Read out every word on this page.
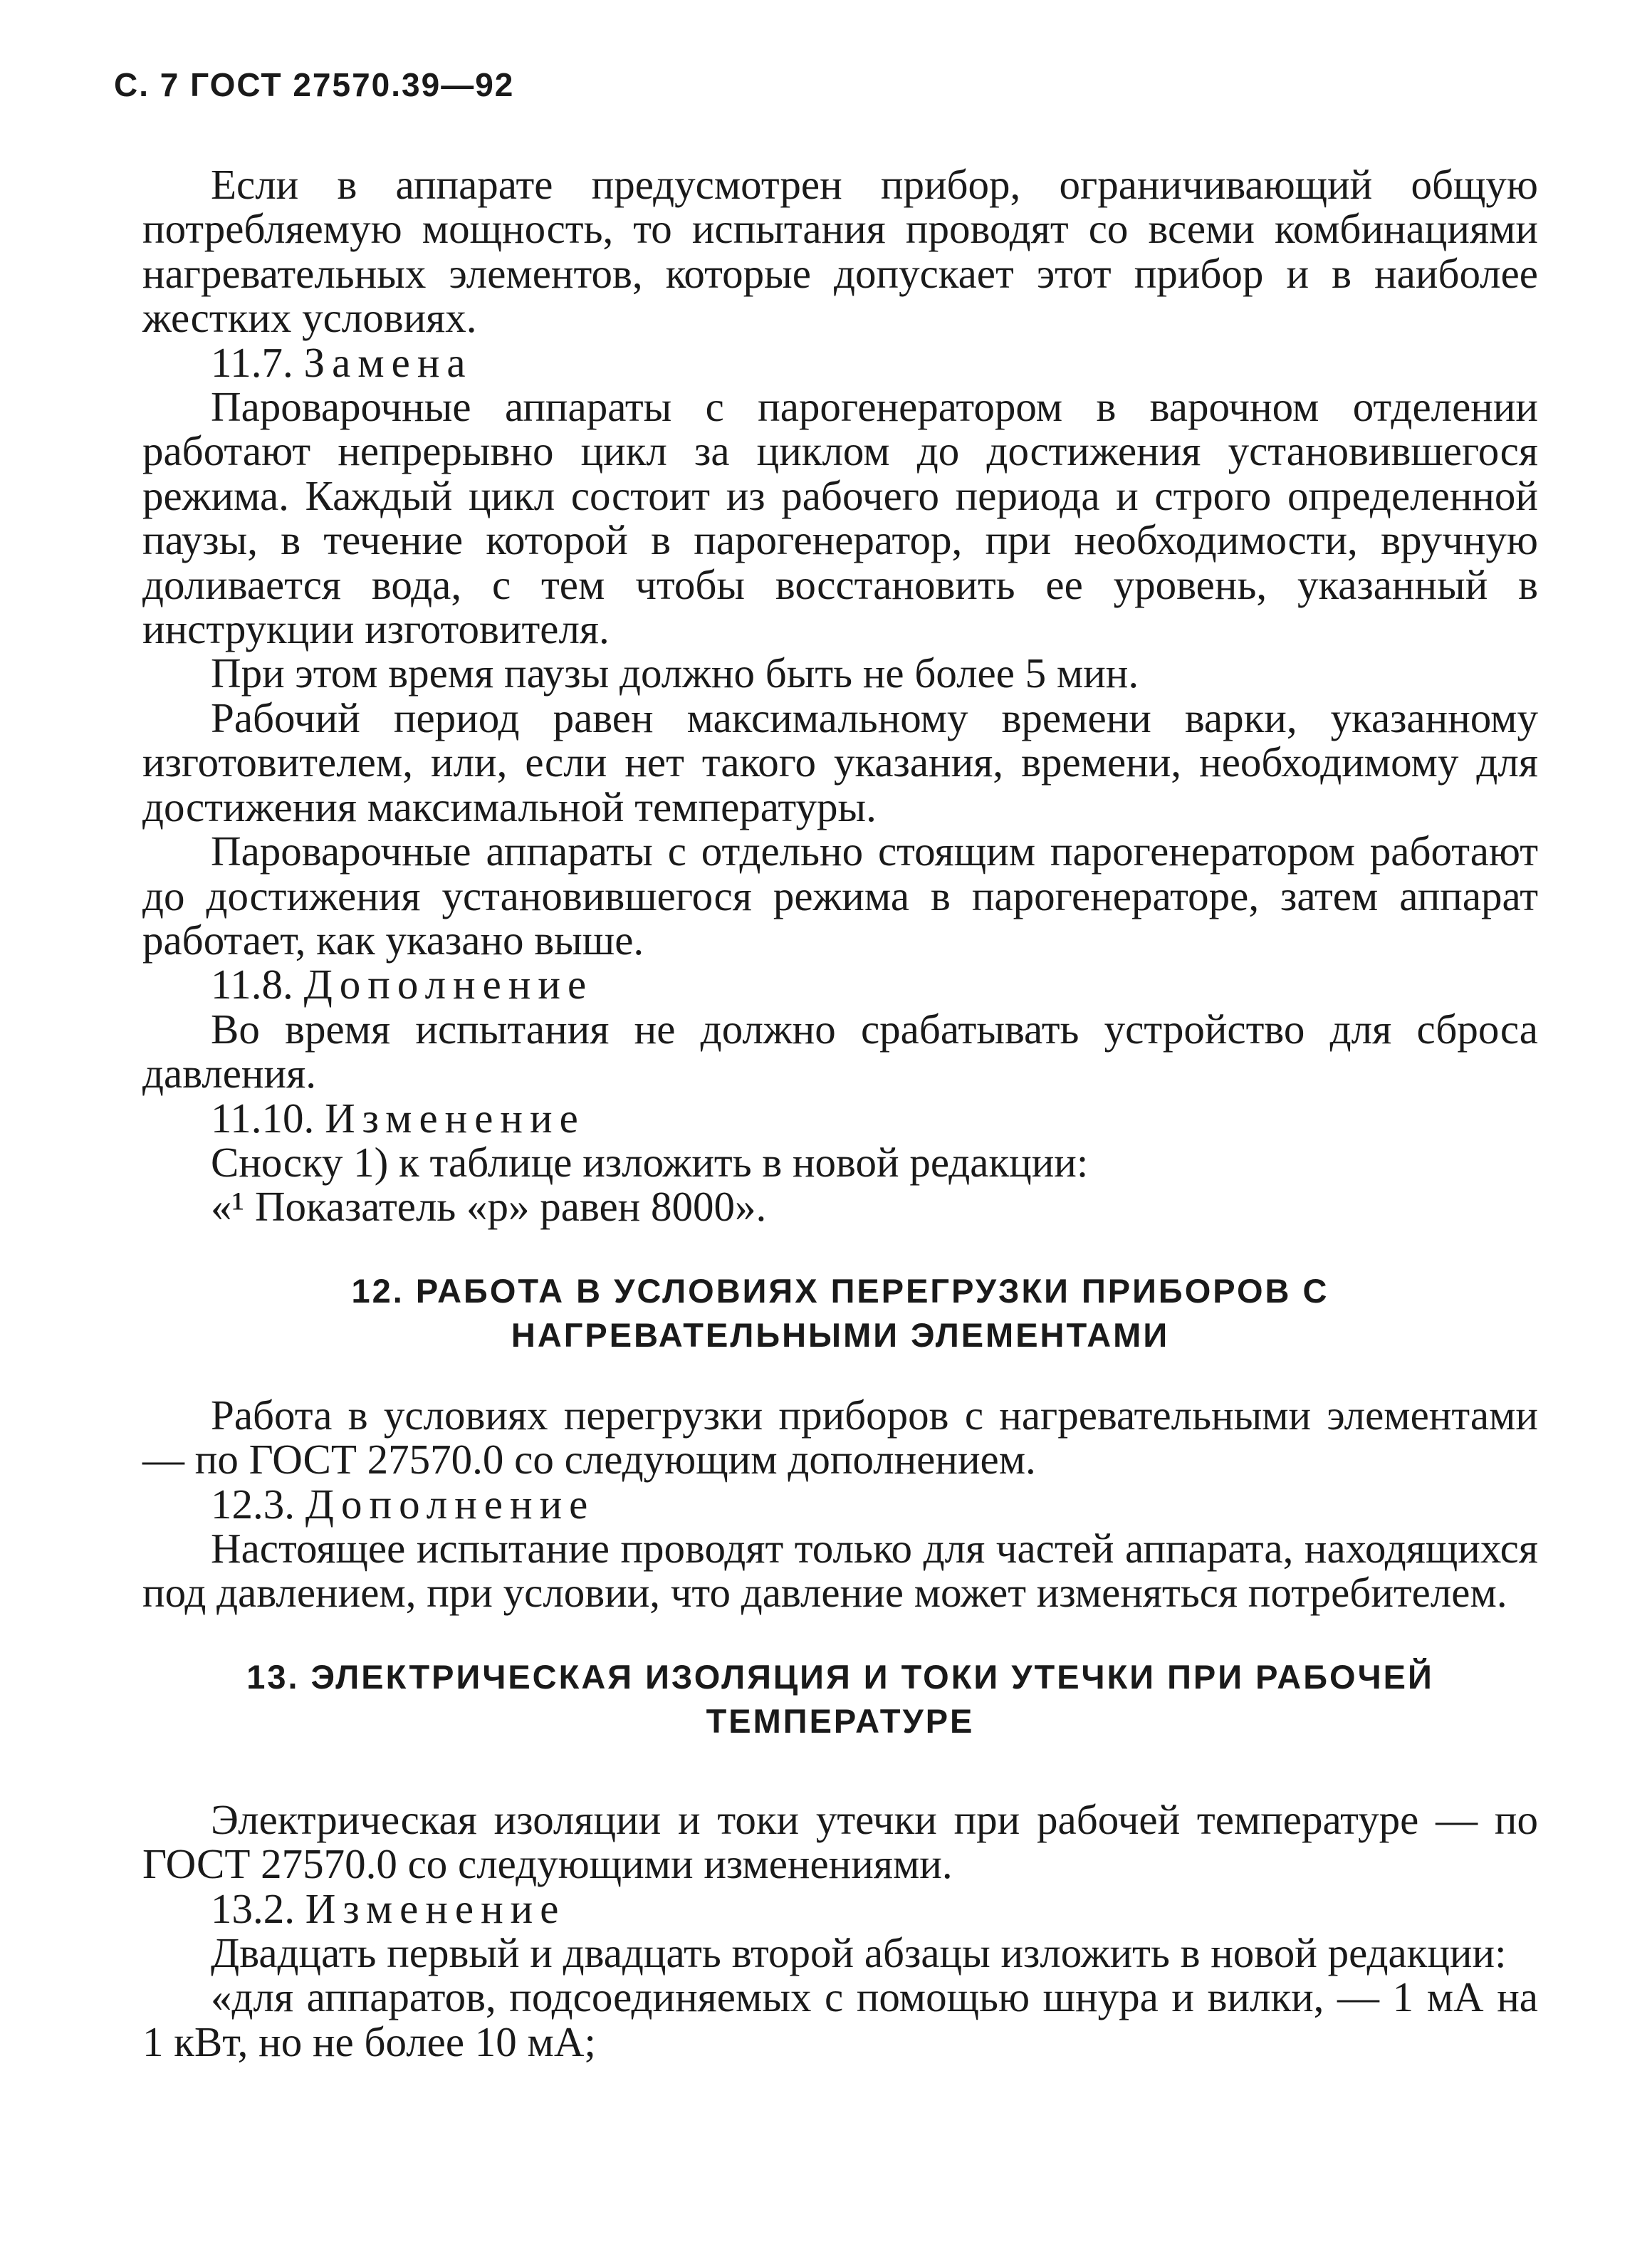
С. 7 ГОСТ 27570.39—92

Если в аппарате предусмотрен прибор, ограничивающий общую потребляемую мощность, то испытания проводят со всеми комбинациями нагревательных элементов, которые допускает этот прибор и в наиболее жестких условиях.

11.7. Замена

Пароварочные аппараты с парогенератором в варочном отделении работают непрерывно цикл за циклом до достижения установившегося режима. Каждый цикл состоит из рабочего периода и строго определенной паузы, в течение которой в парогенератор, при необходимости, вручную доливается вода, с тем чтобы восстановить ее уровень, указанный в инструкции изготовителя.

При этом время паузы должно быть не более 5 мин.

Рабочий период равен максимальному времени варки, указанному изготовителем, или, если нет такого указания, времени, необходимому для достижения максимальной температуры.

Пароварочные аппараты с отдельно стоящим парогенератором работают до достижения установившегося режима в парогенераторе, затем аппарат работает, как указано выше.

11.8. Дополнение

Во время испытания не должно срабатывать устройство для сброса давления.

11.10. Изменение

Сноску 1) к таблице изложить в новой редакции:

«¹ Показатель «р» равен 8000».

12. РАБОТА В УСЛОВИЯХ ПЕРЕГРУЗКИ ПРИБОРОВ С

НАГРЕВАТЕЛЬНЫМИ ЭЛЕМЕНТАМИ

Работа в условиях перегрузки приборов с нагревательными элементами — по ГОСТ 27570.0 со следующим дополнением.

12.3. Дополнение

Настоящее испытание проводят только для частей аппарата, находящихся под давлением, при условии, что давление может изменяться потребителем.

13. ЭЛЕКТРИЧЕСКАЯ ИЗОЛЯЦИЯ И ТОКИ УТЕЧКИ ПРИ РАБОЧЕЙ

ТЕМПЕРАТУРЕ

Электрическая изоляции и токи утечки при рабочей температуре — по ГОСТ 27570.0 со следующими изменениями.

13.2. Изменение

Двадцать первый и двадцать второй абзацы изложить в новой редакции:

«для аппаратов, подсоединяемых с помощью шнура и вилки, — 1 мА на 1 кВт, но не более 10 мА;
